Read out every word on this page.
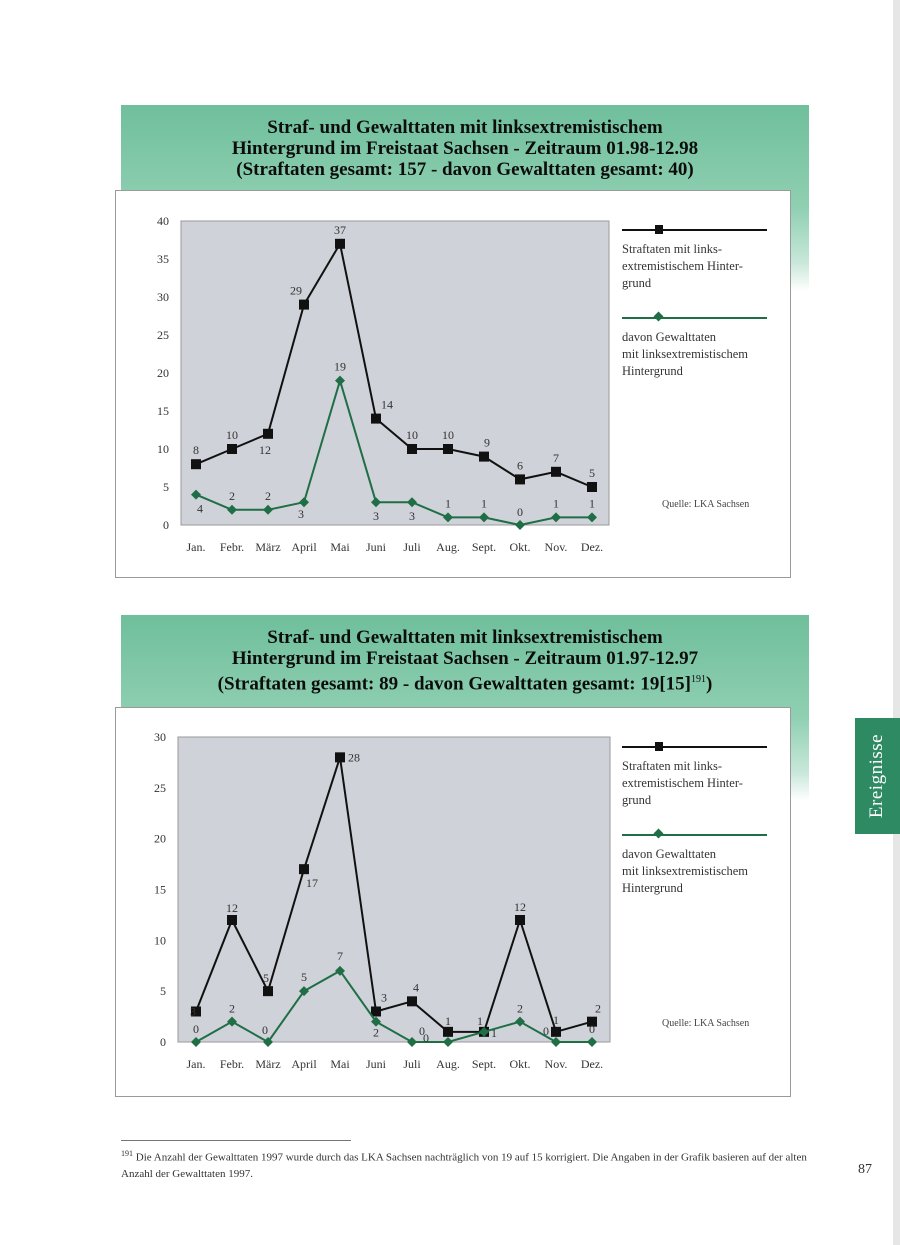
Straf- und Gewalttaten mit linksextremistischem
Hintergrund im Freistaat Sachsen - Zeitraum 01.98-12.98
(Straftaten gesamt: 157 - davon Gewalttaten gesamt: 40)
0
5
10
15
20
25
30
35
40
Jan. Febr. März April Mai Juni Juli Aug. Sept. Okt. Nov. Dez.
8
10
12
29
37
14
10 10
9
6
7
5
4
2	2
3
19
3	3
1	1
0
1	1
Straftaten mit links-
extremistischem Hinter-
grund
davon Gewalttaten
mit linksextremistischem
Hintergrund
Quelle: LKA Sachsen
Straf- und Gewalttaten mit linksextremistischem
Hintergrund im Freistaat Sachsen - Zeitraum 01.97-12.97
(Straftaten gesamt: 89 - davon Gewalttaten gesamt: $19[15]^{191}$)
0
5
10
15
20
25
30
Jan. Febr. März April Mai Juni Juli Aug. Sept. Okt. Nov. Dez.
3
12
5
17
28
3
4
1 1
12
1
2
0
2
0
5
7
2	0
0	1
2
0	0
Straftaten mit links-
extremistischem Hinter-
grund
davon Gewalttaten
mit linksextremistischem
Hintergrund
Quelle: LKA Sachsen
Ereignisse
$^{191}$ Die Anzahl der Gewalttaten 1997 wurde durch das LKA Sachsen nachträglich von 19 auf 15 korrigiert. Die Angaben in der Grafik basieren auf der alten Anzahl der Gewalttaten 1997.	87
